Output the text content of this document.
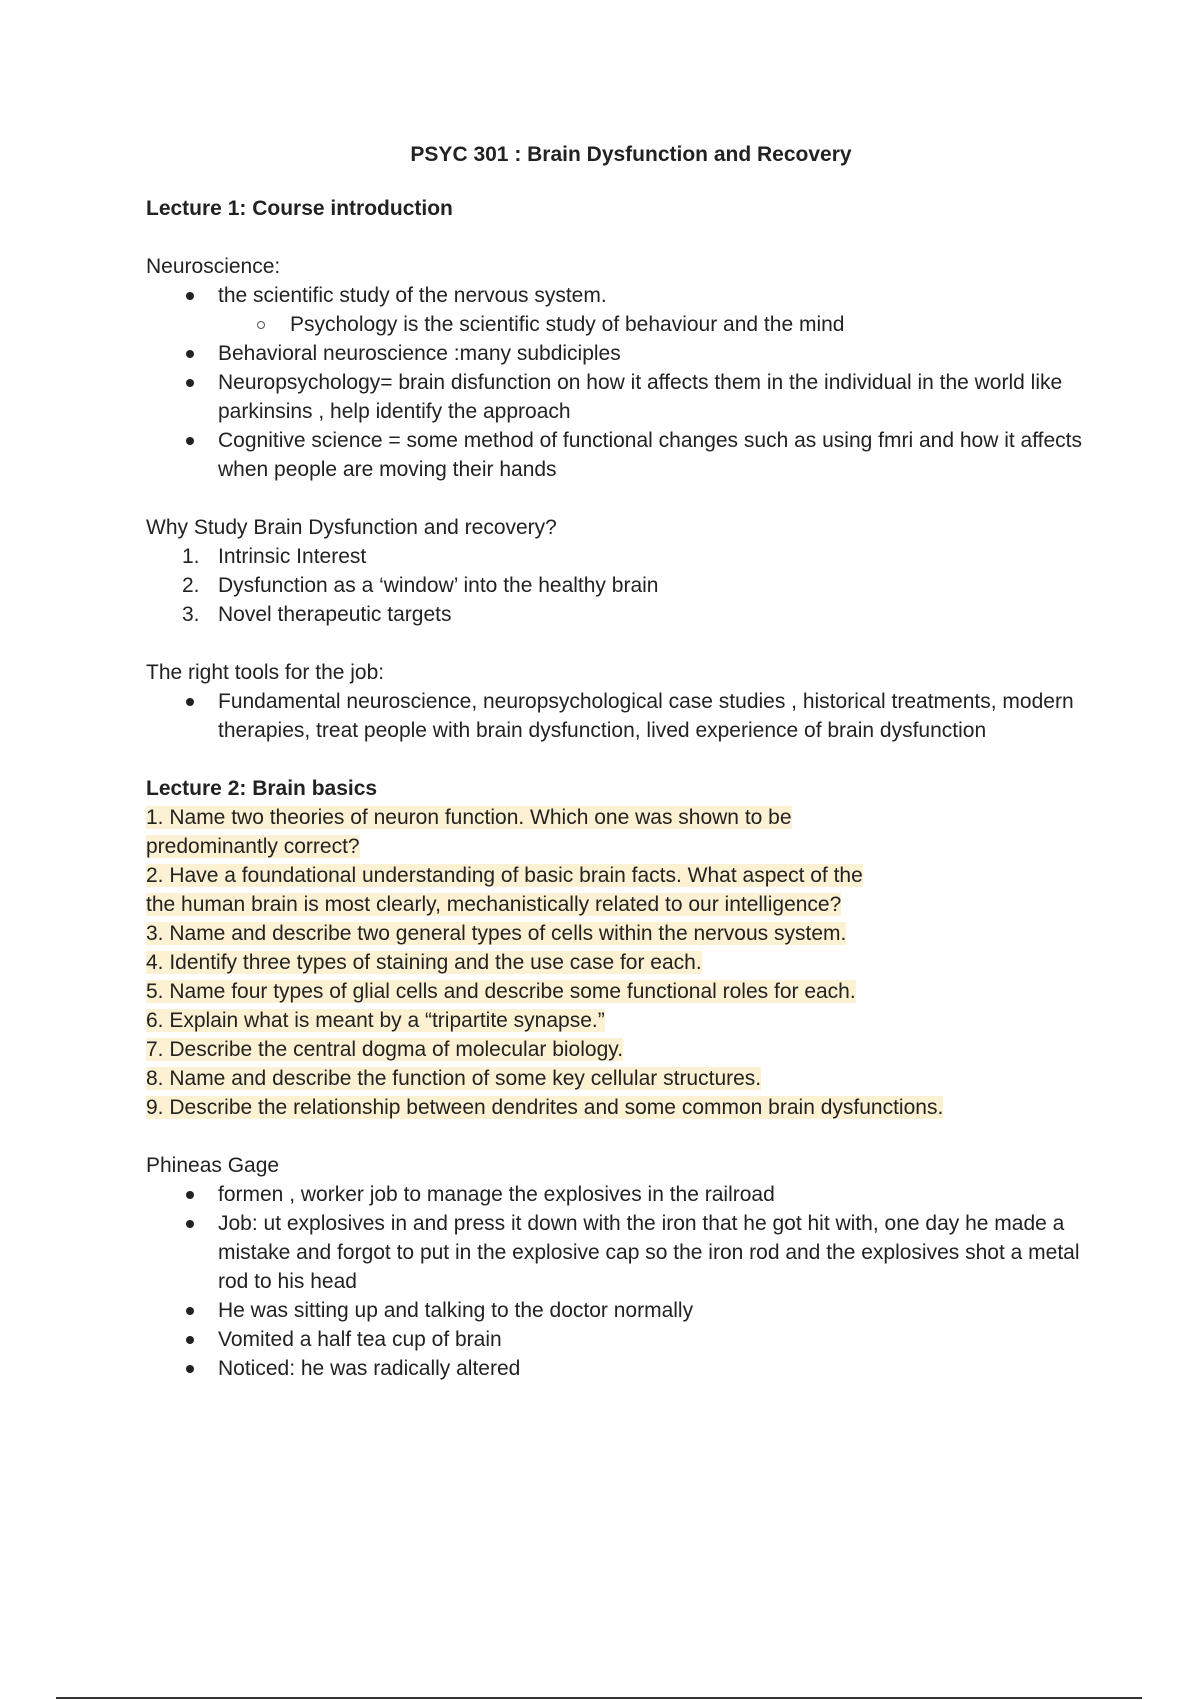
PSYC 301 : Brain Dysfunction and Recovery

Lecture 1: Course introduction

Neuroscience:

the scientific study of the nervous system.
Psychology is the scientific study of behaviour and the mind
Behavioral neuroscience :many subdiciples
Neuropsychology= brain disfunction on how it affects them in the individual in the world like parkinsins , help identify the approach
Cognitive science = some method of functional changes such as using fmri and how it affects when people are moving their hands

Why Study Brain Dysfunction and recovery?

1. Intrinsic Interest
2. Dysfunction as a ‘window’ into the healthy brain
3. Novel therapeutic targets

The right tools for the job:

Fundamental neuroscience, neuropsychological case studies , historical treatments, modern therapies, treat people with brain dysfunction, lived experience of brain dysfunction

Lecture 2: Brain basics

1. Name two theories of neuron function. Which one was shown to be
predominantly correct?
2. Have a foundational understanding of basic brain facts. What aspect of the
the human brain is most clearly, mechanistically related to our intelligence?
3. Name and describe two general types of cells within the nervous system.
4. Identify three types of staining and the use case for each.
5. Name four types of glial cells and describe some functional roles for each.
6. Explain what is meant by a “tripartite synapse.”
7. Describe the central dogma of molecular biology.
8. Name and describe the function of some key cellular structures.
9. Describe the relationship between dendrites and some common brain dysfunctions.

Phineas Gage

formen , worker job to manage the explosives in the railroad
Job: ut explosives in and press it down with the iron that he got hit with, one day he made a mistake and forgot to put in the explosive cap so the iron rod and the explosives shot a metal rod to his head
He was sitting up and talking to the doctor normally
Vomited a half tea cup of brain
Noticed: he was radically altered
